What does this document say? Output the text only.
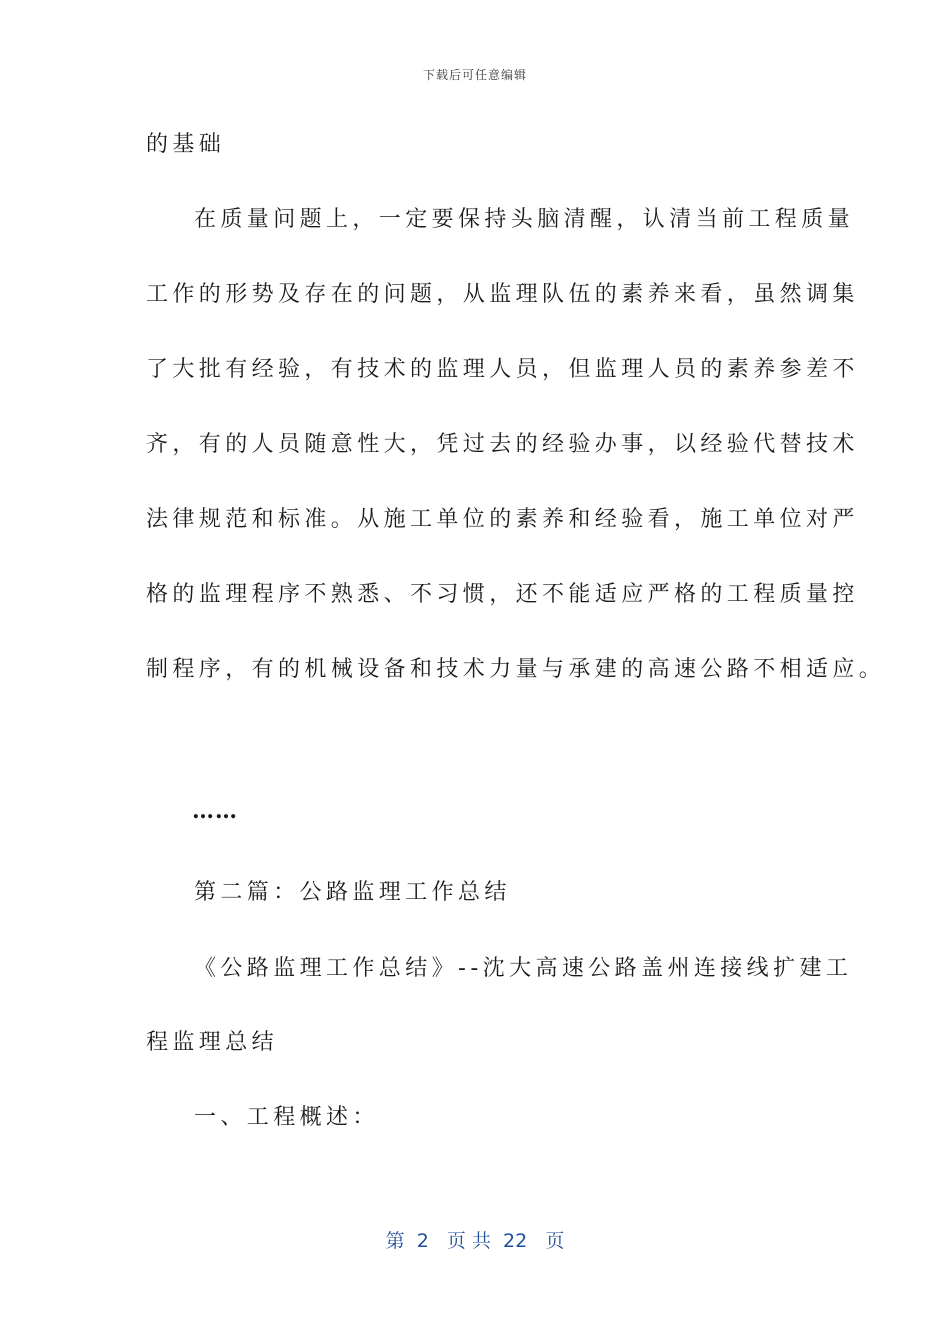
下载后可任意编辑
的基础
在质量问题上，一定要保持头脑清醒，认清当前工程质量
工作的形势及存在的问题，从监理队伍的素养来看，虽然调集
了大批有经验，有技术的监理人员，但监理人员的素养参差不
齐，有的人员随意性大，凭过去的经验办事，以经验代替技术
法律规范和标准。从施工单位的素养和经验看，施工单位对严
格的监理程序不熟悉、不习惯，还不能适应严格的工程质量控
制程序，有的机械设备和技术力量与承建的高速公路不相适应。
……
第二篇：公路监理工作总结
《公路监理工作总结》--沈大高速公路盖州连接线扩建工
程监理总结
一、工程概述：
第  2   页 共  22   页
